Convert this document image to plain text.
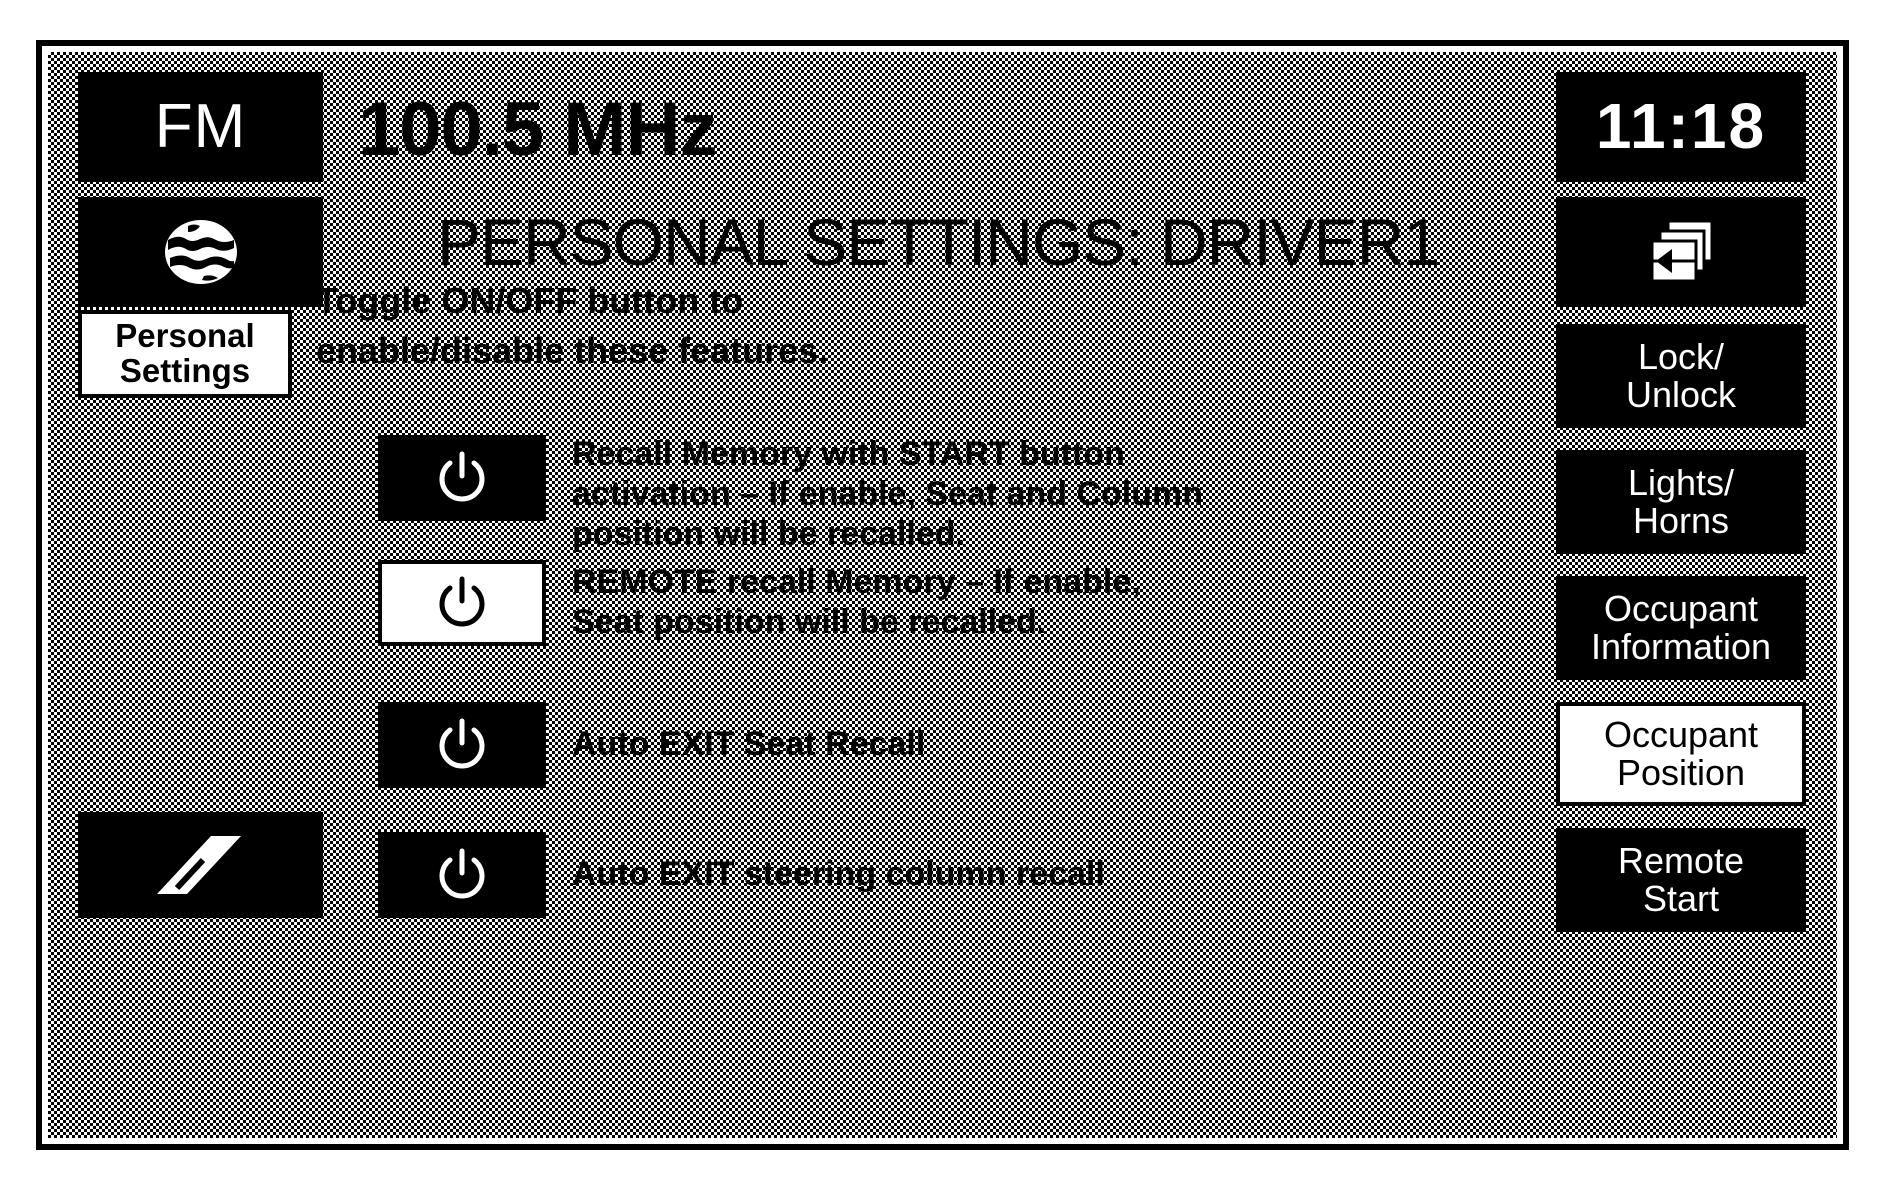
FM 100.5 MHz	11:18
PERSONAL SETTINGS: DRIVER1
Toggle ON/OFF button to
enable/disable these features.
Personal
Settings	Lock/
Unlock
Lights/
Horns
Occupant
Information
Occupant
Position
Remote
Start
Recall Memory with START button
activation – If enable, Seat and Column
position will be recalled.
REMOTE recall Memory – If enable,
Seat position will be recalled.
Auto EXIT Seat Recall
Auto EXIT steering column recall
